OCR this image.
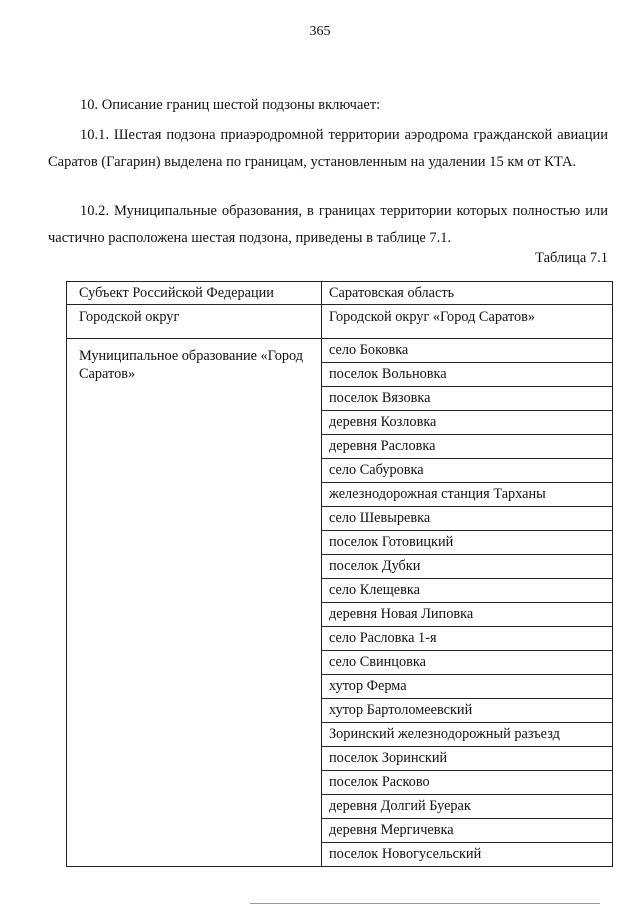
365

10. Описание границ шестой подзоны включает:

10.1. Шестая подзона приаэродромной территории аэродрома гражданской авиации Саратов (Гагарин) выделена по границам, установленным на удалении 15 км от КТА.

10.2. Муниципальные образования, в границах территории которых полностью или частично расположена шестая подзона, приведены в таблице 7.1.

Таблица 7.1
Субъект Российской Федерации	Саратовская область
Городской округ	Городской округ «Город Саратов»
Муниципальное образование «Город Саратов»	село Боковка
	поселок Вольновка
	поселок Вязовка
	деревня Козловка
	деревня Расловка
	село Сабуровка
	железнодорожная станция Тарханы
	село Шевыревка
	поселок Готовицкий
	поселок Дубки
	село Клещевка
	деревня Новая Липовка
	село Расловка 1-я
	село Свинцовка
	хутор Ферма
	хутор Бартоломеевский
	Зоринский железнодорожный разъезд
	поселок Зоринский
	поселок Расково
	деревня Долгий Буерак
	деревня Мергичевка
	поселок Новогусельский
